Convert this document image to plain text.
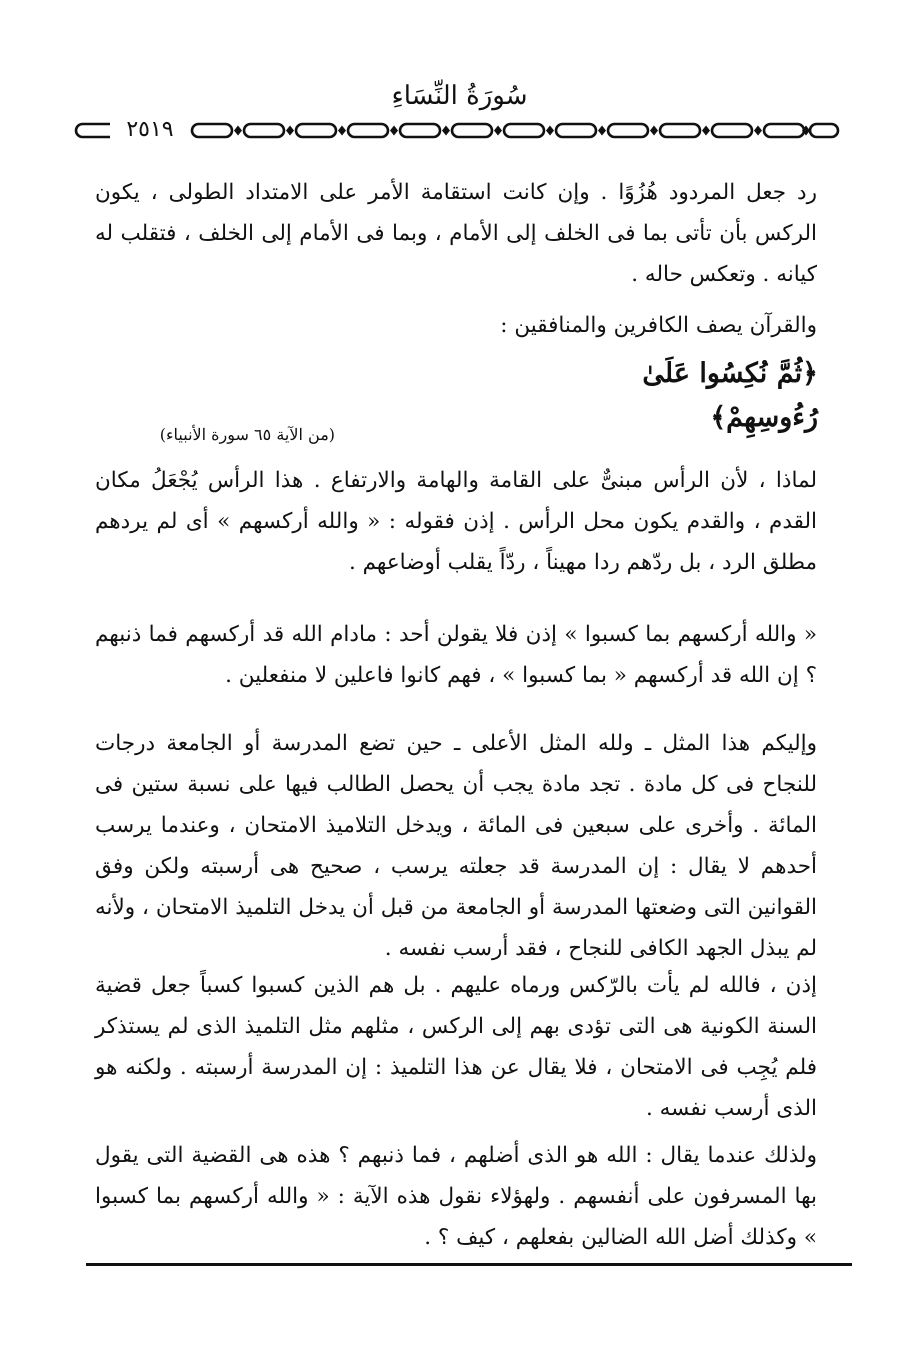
سُورَةُ النِّسَاءِ
٢٥١٩
رد جعل المردود هُزُوًا . وإن كانت استقامة الأمر على الامتداد الطولى ، يكون الركس بأن تأتى بما فى الخلف إلى الأمام ، وبما فى الأمام إلى الخلف ، فتقلب له كيانه . وتعكس حاله .
والقرآن يصف الكافرين والمنافقين :
﴿ثُمَّ نُكِسُوا عَلَىٰ رُءُوسِهِمْ﴾
(من الآية ٦٥ سورة الأنبياء)
لماذا ، لأن الرأس مبنىٌّ على القامة والهامة والارتفاع . هذا الرأس يُجْعَلُ مكان القدم ، والقدم يكون محل الرأس . إذن فقوله : « والله أركسهم » أى لم يردهم مطلق الرد ، بل ردّهم ردا مهيناً ، ردّاً يقلب أوضاعهم .
« والله أركسهم بما كسبوا » إذن فلا يقولن أحد : مادام الله قد أركسهم فما ذنبهم ؟ إن الله قد أركسهم « بما كسبوا » ، فهم كانوا فاعلين لا منفعلين .
وإليكم هذا المثل ـ ولله المثل الأعلى ـ حين تضع المدرسة أو الجامعة درجات للنجاح فى كل مادة . تجد مادة يجب أن يحصل الطالب فيها على نسبة ستين فى المائة . وأخرى على سبعين فى المائة ، ويدخل التلاميذ الامتحان ، وعندما يرسب أحدهم لا يقال : إن المدرسة قد جعلته يرسب ، صحيح هى أرسبته ولكن وفق القوانين التى وضعتها المدرسة أو الجامعة من قبل أن يدخل التلميذ الامتحان ، ولأنه لم يبذل الجهد الكافى للنجاح ، فقد أرسب نفسه .
إذن ، فالله لم يأت بالرّكس ورماه عليهم . بل هم الذين كسبوا كسباً جعل قضية السنة الكونية هى التى تؤدى بهم إلى الركس ، مثلهم مثل التلميذ الذى لم يستذكر فلم يُجِب فى الامتحان ، فلا يقال عن هذا التلميذ : إن المدرسة أرسبته . ولكنه هو الذى أرسب نفسه .
ولذلك عندما يقال : الله هو الذى أضلهم ، فما ذنبهم ؟ هذه هى القضية التى يقول بها المسرفون على أنفسهم . ولهؤلاء نقول هذه الآية : « والله أركسهم بما كسبوا » وكذلك أضل الله الضالين بفعلهم ، كيف ؟ .
